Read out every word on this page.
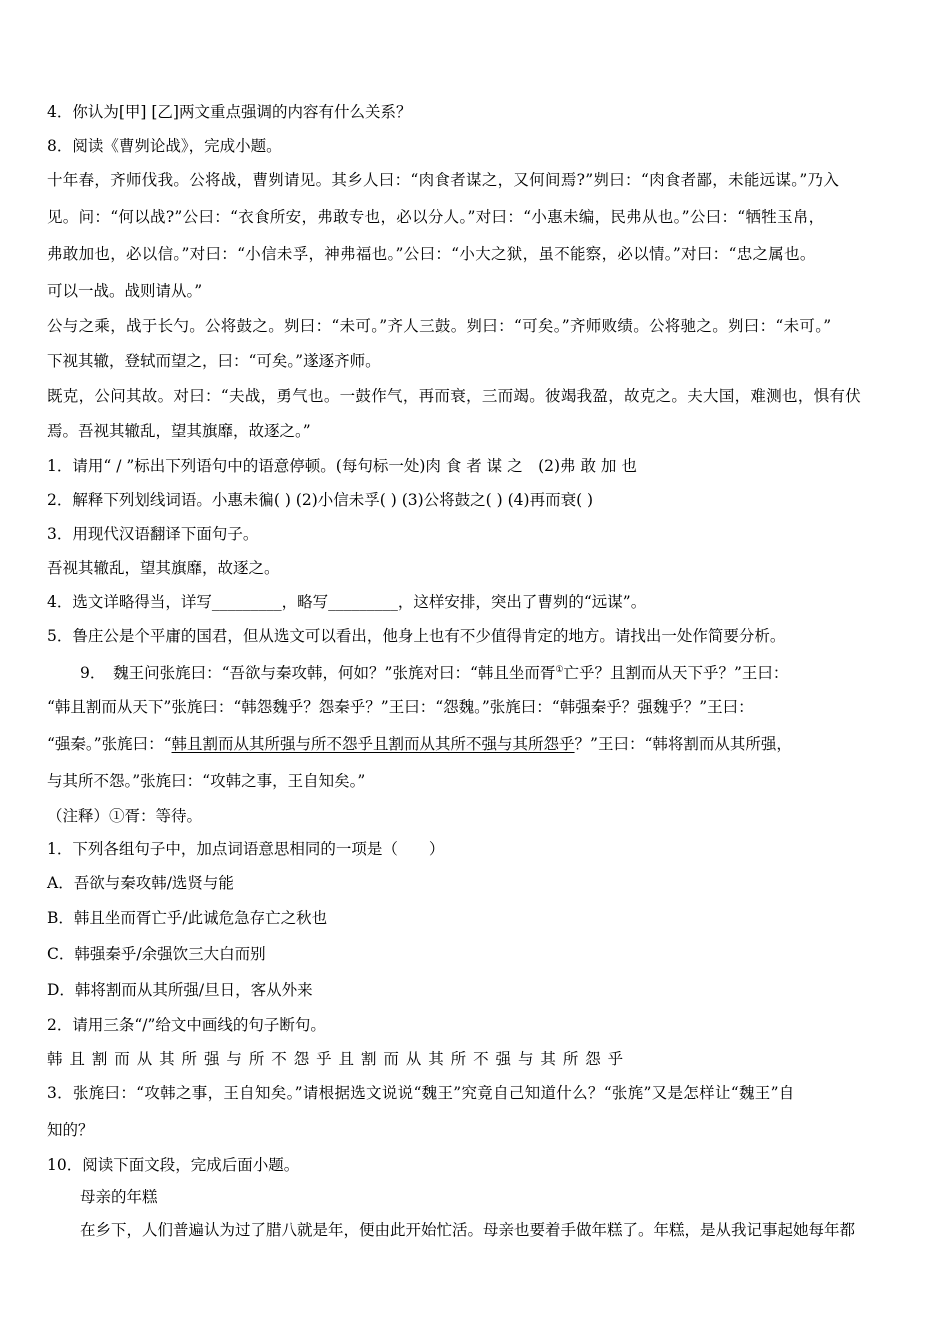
4．你认为[甲] [乙]两文重点强调的内容有什么关系？
8．阅读《曹刿论战》，完成小题。
十年春，齐师伐我。公将战，曹刿请见。其乡人曰：“肉食者谋之，又何间焉?”刿曰：“肉食者鄙，未能远谋。”乃入
见。问：“何以战?”公曰：“衣食所安，弗敢专也，必以分人。”对曰：“小惠未编，民弗从也。”公曰：“牺牲玉帛，
弗敢加也，必以信。”对曰：“小信未孚，神弗福也。”公曰：“小大之狱，虽不能察，必以情。”对曰：“忠之属也。
可以一战。战则请从。”
公与之乘，战于长勺。公将鼓之。刿曰：“未可。”齐人三鼓。刿曰：“可矣。”齐师败绩。公将驰之。刿曰：“未可。”
下视其辙，登轼而望之，曰：“可矣。”遂逐齐师。
既克，公问其故。对曰：“夫战，勇气也。一鼓作气，再而衰，三而竭。彼竭我盈，故克之。夫大国，难测也，惧有伏
焉。吾视其辙乱，望其旗靡，故逐之。”
1．请用“ / ”标出下列语句中的语意停顿。(每句标一处)肉 食 者 谋 之　(2)弗 敢 加 也
2．解释下列划线词语。小惠未徧( ) (2)小信未孚( ) (3)公将鼓之( ) (4)再而衰( )
3．用现代汉语翻译下面句子。
吾视其辙乱，望其旗靡，故逐之。
4．选文详略得当，详写_________，略写_________，这样安排，突出了曹刿的“远谋”。
5．鲁庄公是个平庸的国君，但从选文可以看出，他身上也有不少值得肯定的地方。请找出一处作简要分析。
9．　魏王问张旄曰：“吾欲与秦攻韩，何如？”张旄对曰：“韩且坐而胥①亡乎？且割而从天下乎？”王曰：
“韩且割而从天下”张旄曰：“韩怨魏乎？怨秦乎？”王曰：“怨魏。”张旄曰：“韩强秦乎？强魏乎？”王曰：
“强秦。”张旄曰：“韩且割而从其所强与所不怨乎且割而从其所不强与其所怨乎？”王曰：“韩将割而从其所强，
与其所不怨。”张旄曰：“攻韩之事，王自知矣。”
（注释）①胥：等待。
1．下列各组句子中，加点词语意思相同的一项是（　　）
A．吾欲与秦攻韩/选贤与能
B．韩且坐而胥亡乎/此诚危急存亡之秋也
C．韩强秦乎/余强饮三大白而别
D．韩将割而从其所强/旦日，客从外来
2．请用三条“/”给文中画线的句子断句。
韩 且 割 而 从 其 所 强 与 所 不 怨 乎 且 割 而 从 其 所 不 强 与 其 所 怨 乎
3．张旄曰：“攻韩之事，王自知矣。”请根据选文说说“魏王”究竟自己知道什么？“张旄”又是怎样让“魏王”自
知的？
10．阅读下面文段，完成后面小题。
母亲的年糕
在乡下，人们普遍认为过了腊八就是年，便由此开始忙活。母亲也要着手做年糕了。年糕，是从我记事起她每年都
